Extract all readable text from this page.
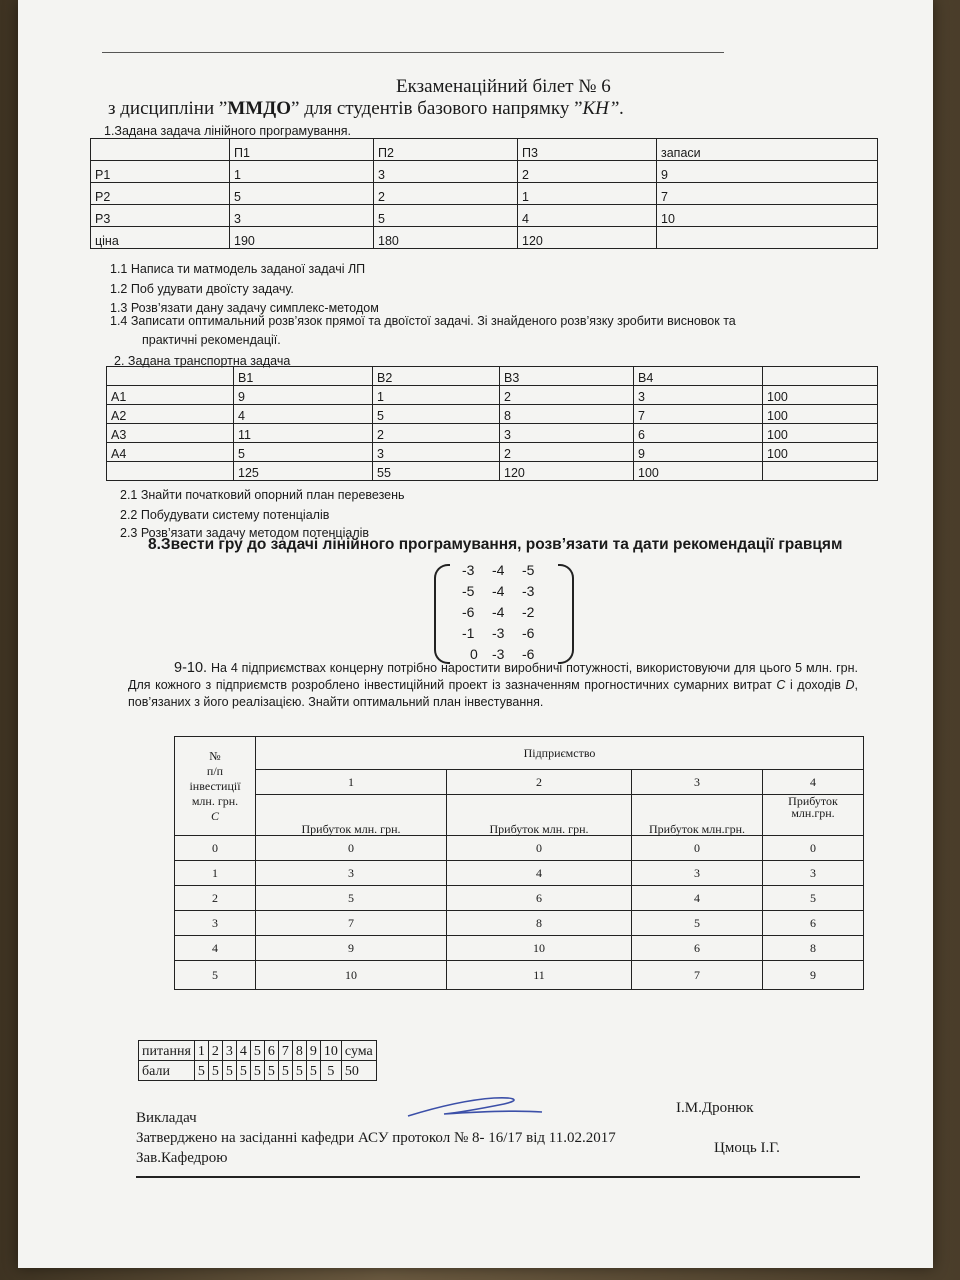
Екзаменаційний білет № 6
з дисципліни ”ММДО” для студентів базового напрямку ”КН”.
1.Задана задача лінійного програмування.
	П1	П2	П3	запаси
Р1	1	3	2	9
Р2	5	2	1	7
Р3	3	5	4	10
ціна	190	180	120	
1.1 Написа ти матмодель заданої задачі ЛП
1.2 Поб удувати двоїсту задачу.
1.3 Розв’язати дану задачу симплекс-методом
1.4 Записати оптимальний розв’язок прямої та двоїстої задачі. Зі знайденого розв’язку зробити висновок та
практичні рекомендації.
2. Задана транспортна задача
	B1	B2	B3	B4	
A1	9	1	2	3	100
A2	4	5	8	7	100
A3	11	2	3	6	100
A4	5	3	2	9	100
	125	55	120	100	
2.1 Знайти початковий опорний план перевезень
2.2 Побудувати систему потенціалів
2.3 Розв’язати задачу методом потенціалів
8.Звести гру до задачі лінійного програмування, розв’язати та дати рекомендації гравцям
-3 -4 -5
-5 -4 -3
-6 -4 -2
-1 -3 -6
0 -3 -6
9-10. На 4 підприємствах концерну потрібно наростити виробничі потужності, використовуючи для цього 5 млн. грн. Для кожного з підприємств розроблено інвестиційний проект із зазначенням прогностичних сумарних витрат C і доходів D, пов’язаних з його реалізацією. Знайти оптимальний план інвестування.
№
п/п
інвестиції
млн. грн.
C	Підприємство			
	1	2	3	4
	Прибуток млн. грн.	Прибуток млн. грн.	Прибуток млн.грн.	Прибуток млн.грн.
0	0	0	0	0
1	3	4	3	3
2	5	6	4	5
3	7	8	5	6
4	9	10	6	8
5	10	11	7	9
питання	1	2	3	4	5	6	7	8	9	10	сума
бали	5	5	5	5	5	5	5	5	5	5	50
Викладач
І.М.Дронюк
Затверджено на засіданні кафедри АСУ протокол № 8- 16/17 від 11.02.2017
Зав.Кафедрою
Цмоць І.Г.
